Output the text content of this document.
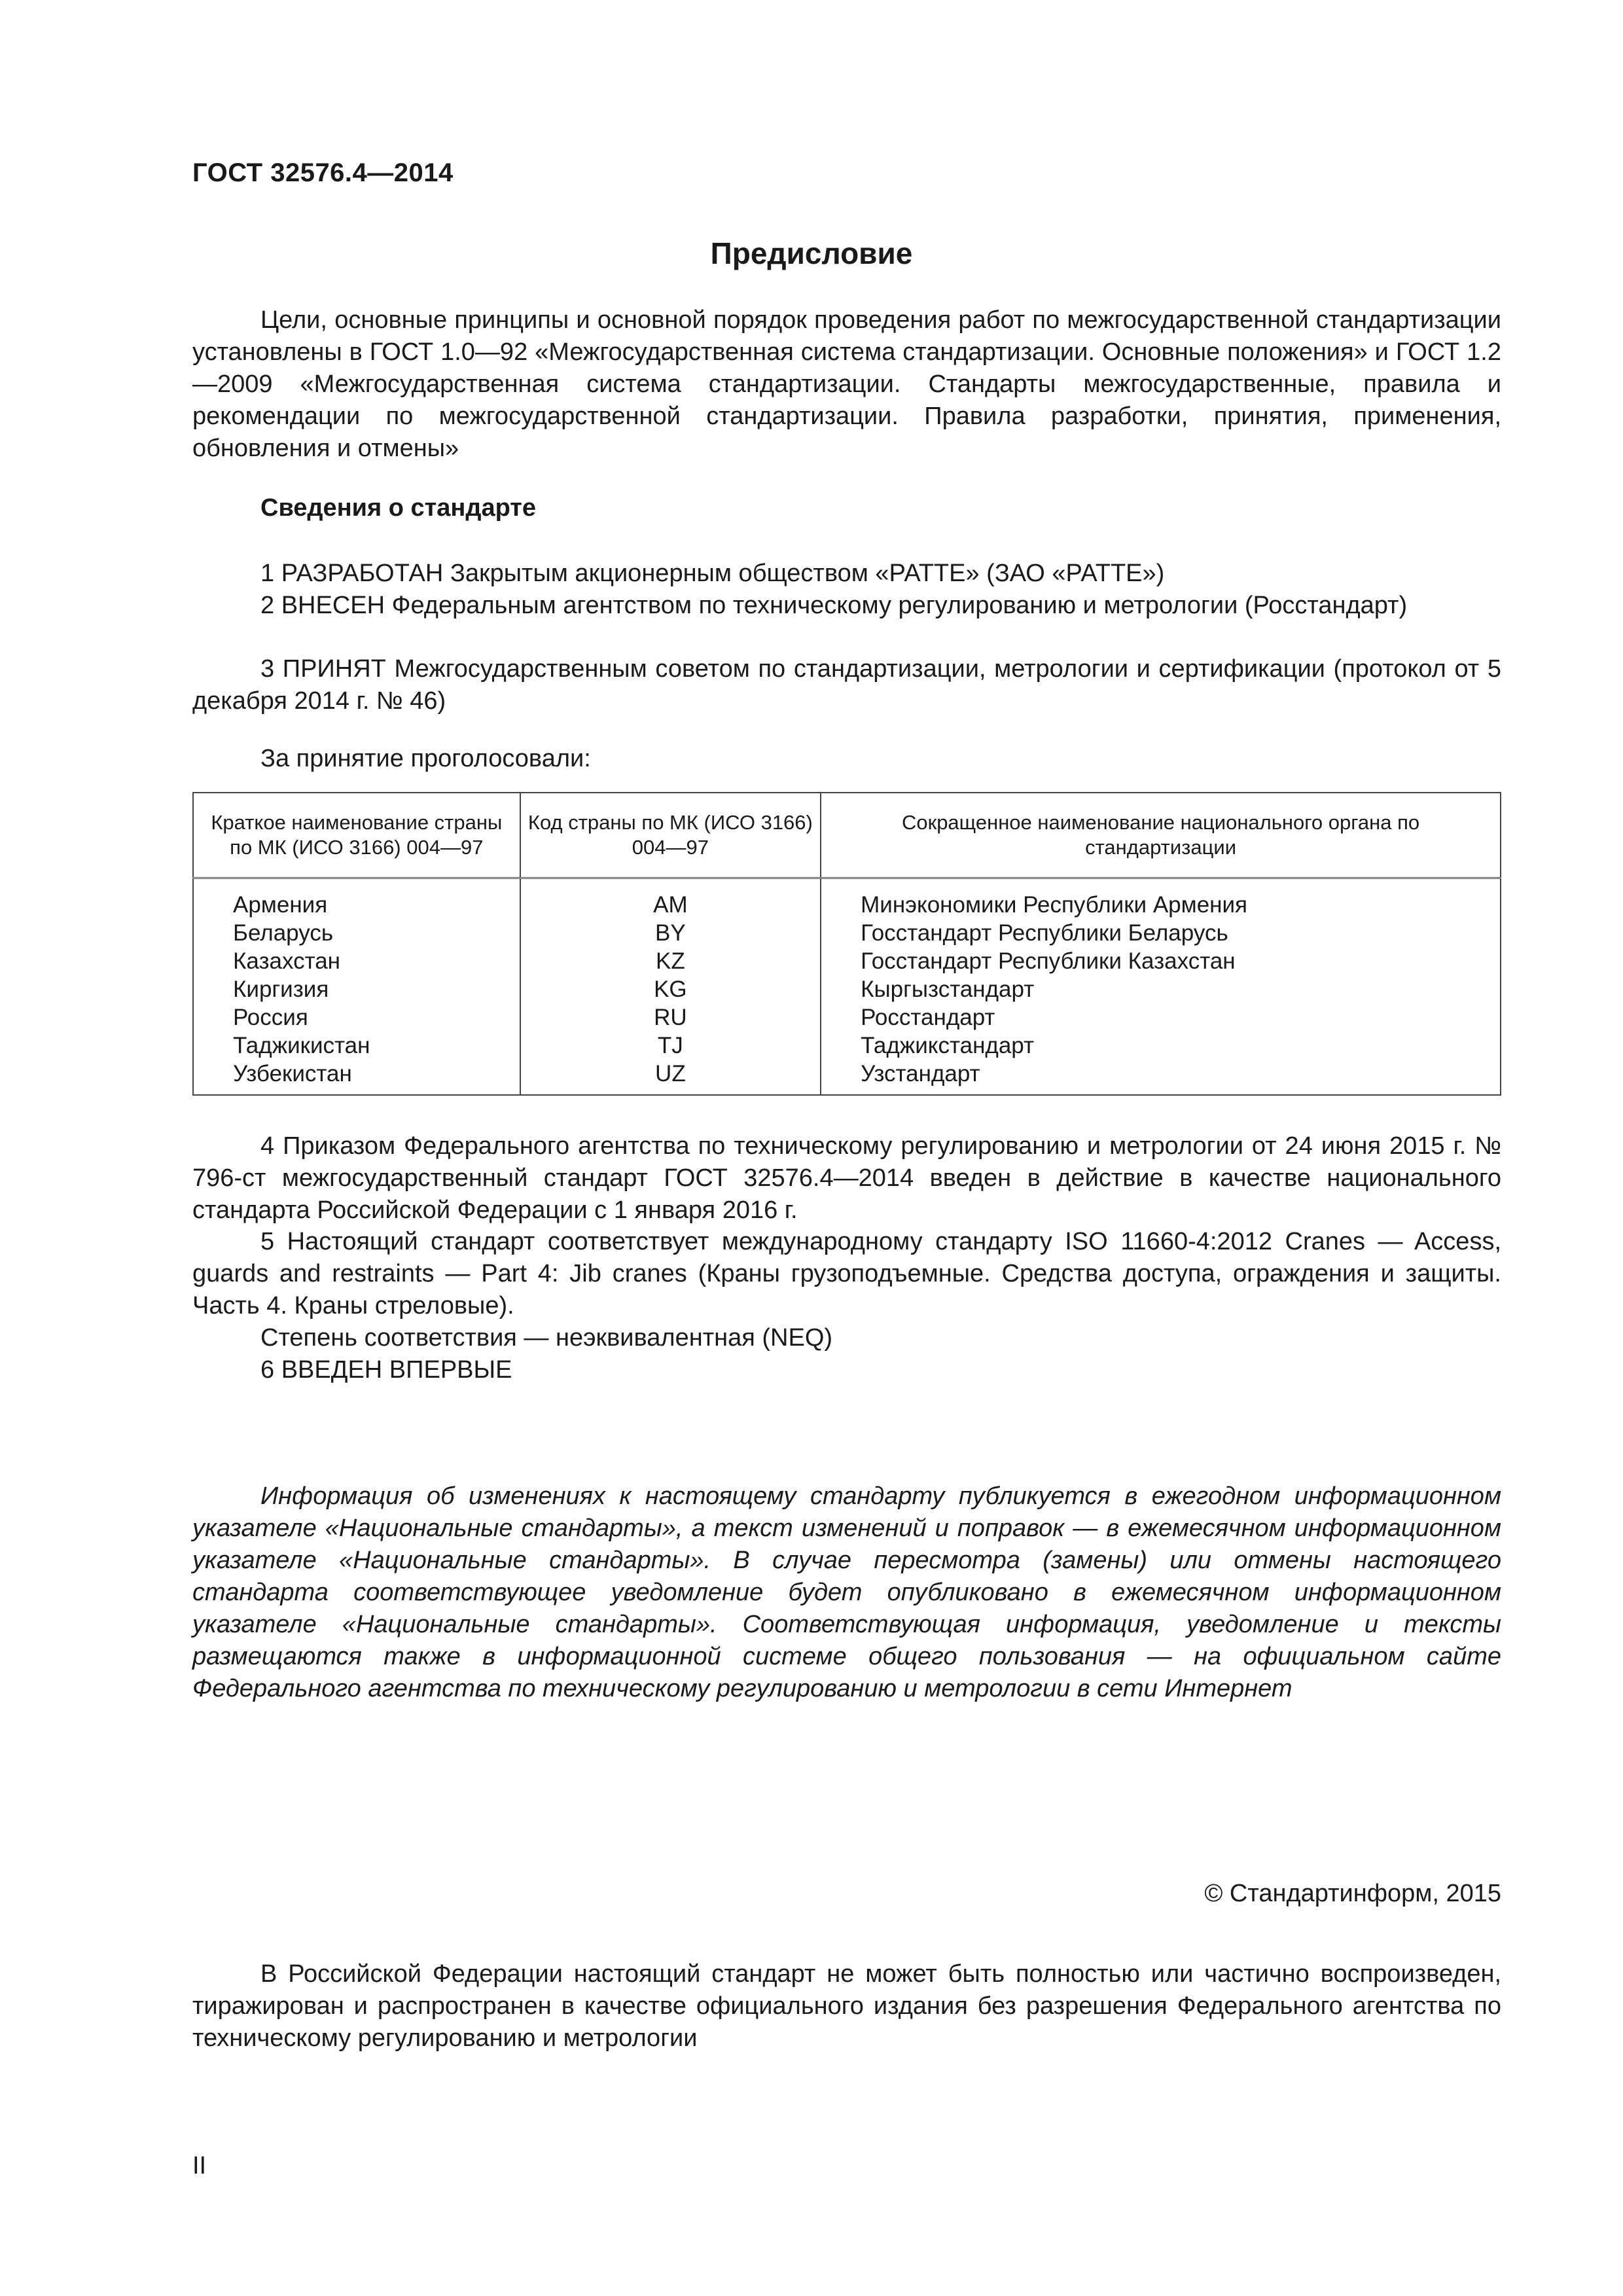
ГОСТ 32576.4—2014
Предисловие
Цели, основные принципы и основной порядок проведения работ по межгосударственной стандартизации установлены в ГОСТ 1.0—92 «Межгосударственная система стандартизации. Основные положения» и ГОСТ 1.2—2009 «Межгосударственная система стандартизации. Стандарты межгосударственные, правила и рекомендации по межгосударственной стандартизации. Правила разработки, принятия, применения, обновления и отмены»
Сведения о стандарте
1 РАЗРАБОТАН Закрытым акционерным обществом «РАТТЕ» (ЗАО «РАТТЕ»)
2 ВНЕСЕН Федеральным агентством по техническому регулированию и метрологии (Росстандарт)
3 ПРИНЯТ Межгосударственным советом по стандартизации, метрологии и сертификации (протокол от 5 декабря 2014 г. № 46)
За принятие проголосовали:
Краткое наименование страны по МК (ИСО 3166) 004—97	Код страны по МК (ИСО 3166) 004—97	Сокращенное наименование национального органа по стандартизации
Армения	AM	Минэкономики Республики Армения
Беларусь	BY	Госстандарт Республики Беларусь
Казахстан	KZ	Госстандарт Республики Казахстан
Киргизия	KG	Кыргызстандарт
Россия	RU	Росстандарт
Таджикистан	TJ	Таджикстандарт
Узбекистан	UZ	Узстандарт
4 Приказом Федерального агентства по техническому регулированию и метрологии от 24 июня 2015 г. № 796-ст межгосударственный стандарт ГОСТ 32576.4—2014 введен в действие в качестве национального стандарта Российской Федерации с 1 января 2016 г.
5 Настоящий стандарт соответствует международному стандарту ISO 11660-4:2012 Cranes — Access, guards and restraints — Part 4: Jib cranes (Краны грузоподъемные. Средства доступа, ограждения и защиты. Часть 4. Краны стреловые).
Степень соответствия — неэквивалентная (NEQ)
6 ВВЕДЕН ВПЕРВЫЕ
Информация об изменениях к настоящему стандарту публикуется в ежегодном информационном указателе «Национальные стандарты», а текст изменений и поправок — в ежемесячном информационном указателе «Национальные стандарты». В случае пересмотра (замены) или отмены настоящего стандарта соответствующее уведомление будет опубликовано в ежемесячном информационном указателе «Национальные стандарты». Соответствующая информация, уведомление и тексты размещаются также в информационной системе общего пользования — на официальном сайте Федерального агентства по техническому регулированию и метрологии в сети Интернет
© Стандартинформ, 2015
В Российской Федерации настоящий стандарт не может быть полностью или частично воспроизведен, тиражирован и распространен в качестве официального издания без разрешения Федерального агентства по техническому регулированию и метрологии
II
